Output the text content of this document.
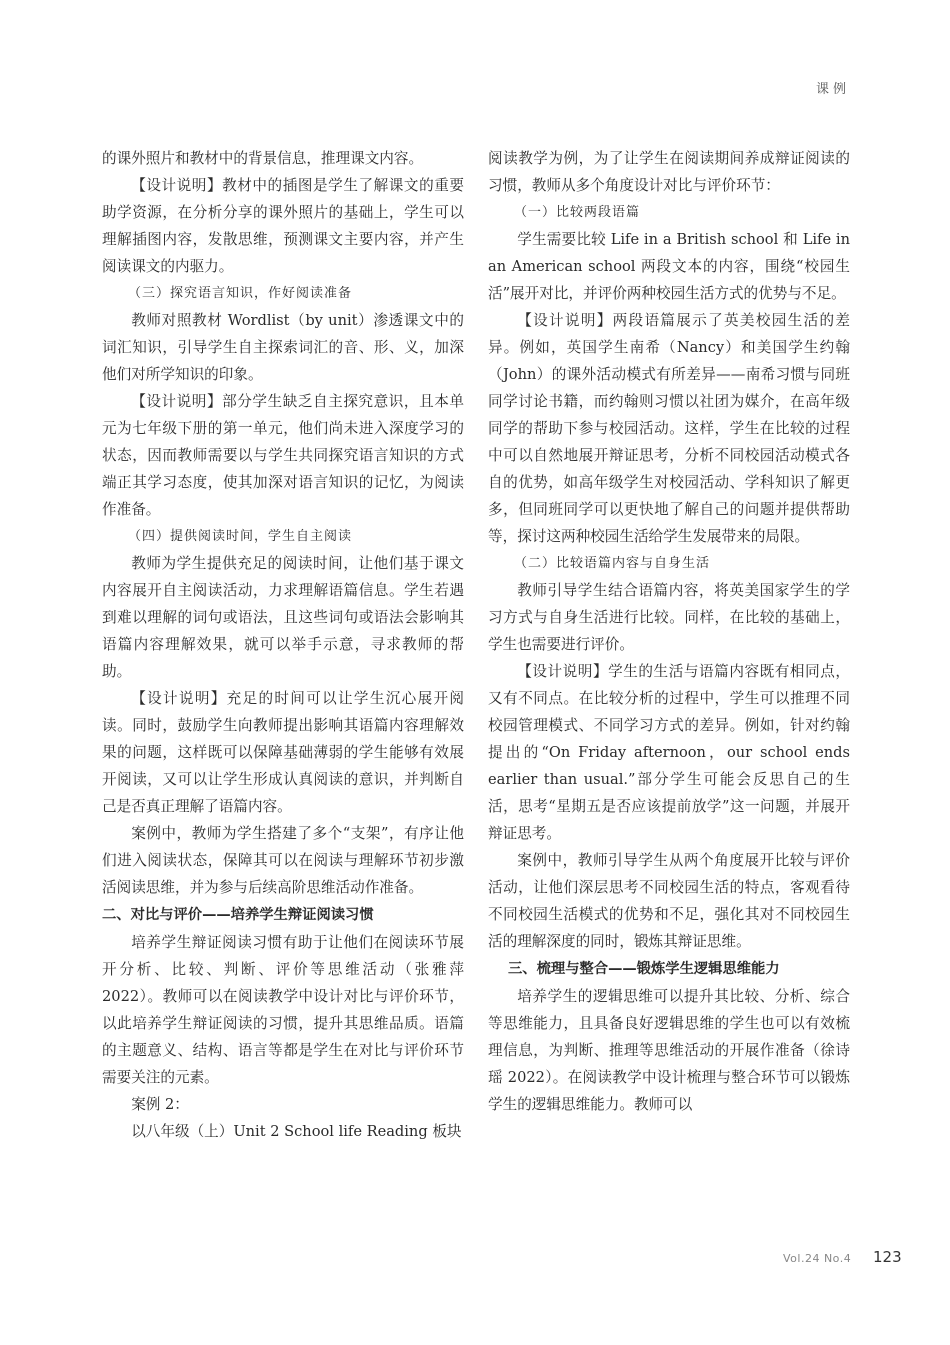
课例

的课外照片和教材中的背景信息，推理课文内容。

【设计说明】教材中的插图是学生了解课文的重要助学资源，在分析分享的课外照片的基础上，学生可以理解插图内容，发散思维，预测课文主要内容，并产生阅读课文的内驱力。

（三）探究语言知识，作好阅读准备

教师对照教材 Wordlist（by unit）渗透课文中的词汇知识，引导学生自主探索词汇的音、形、义，加深他们对所学知识的印象。

【设计说明】部分学生缺乏自主探究意识，且本单元为七年级下册的第一单元，他们尚未进入深度学习的状态，因而教师需要以与学生共同探究语言知识的方式端正其学习态度，使其加深对语言知识的记忆，为阅读作准备。

（四）提供阅读时间，学生自主阅读

教师为学生提供充足的阅读时间，让他们基于课文内容展开自主阅读活动，力求理解语篇信息。学生若遇到难以理解的词句或语法，且这些词句或语法会影响其语篇内容理解效果，就可以举手示意，寻求教师的帮助。

【设计说明】充足的时间可以让学生沉心展开阅读。同时，鼓励学生向教师提出影响其语篇内容理解效果的问题，这样既可以保障基础薄弱的学生能够有效展开阅读，又可以让学生形成认真阅读的意识，并判断自己是否真正理解了语篇内容。

案例中，教师为学生搭建了多个“支架”，有序让他们进入阅读状态，保障其可以在阅读与理解环节初步激活阅读思维，并为参与后续高阶思维活动作准备。

二、对比与评价——培养学生辩证阅读习惯

培养学生辩证阅读习惯有助于让他们在阅读环节展开分析、比较、判断、评价等思维活动（张雅萍 2022）。教师可以在阅读教学中设计对比与评价环节，以此培养学生辩证阅读的习惯，提升其思维品质。语篇的主题意义、结构、语言等都是学生在对比与评价环节需要关注的元素。

案例 2：

以八年级（上）Unit 2 School life Reading 板块

阅读教学为例，为了让学生在阅读期间养成辩证阅读的习惯，教师从多个角度设计对比与评价环节：

（一）比较两段语篇

学生需要比较 Life in a British school 和 Life in an American school 两段文本的内容，围绕“校园生活”展开对比，并评价两种校园生活方式的优势与不足。

【设计说明】两段语篇展示了英美校园生活的差异。例如，英国学生南希（Nancy）和美国学生约翰（John）的课外活动模式有所差异——南希习惯与同班同学讨论书籍，而约翰则习惯以社团为媒介，在高年级同学的帮助下参与校园活动。这样，学生在比较的过程中可以自然地展开辩证思考，分析不同校园活动模式各自的优势，如高年级学生对校园活动、学科知识了解更多，但同班同学可以更快地了解自己的问题并提供帮助等，探讨这两种校园生活给学生发展带来的局限。

（二）比较语篇内容与自身生活

教师引导学生结合语篇内容，将英美国家学生的学习方式与自身生活进行比较。同样，在比较的基础上，学生也需要进行评价。

【设计说明】学生的生活与语篇内容既有相同点，又有不同点。在比较分析的过程中，学生可以推理不同校园管理模式、不同学习方式的差异。例如，针对约翰提出的“On Friday afternoon，our school ends earlier than usual.”部分学生可能会反思自己的生活，思考“星期五是否应该提前放学”这一问题，并展开辩证思考。

案例中，教师引导学生从两个角度展开比较与评价活动，让他们深层思考不同校园生活的特点，客观看待不同校园生活模式的优势和不足，强化其对不同校园生活的理解深度的同时，锻炼其辩证思维。

三、梳理与整合——锻炼学生逻辑思维能力

培养学生的逻辑思维可以提升其比较、分析、综合等思维能力，且具备良好逻辑思维的学生也可以有效梳理信息，为判断、推理等思维活动的开展作准备（徐诗瑶 2022）。在阅读教学中设计梳理与整合环节可以锻炼学生的逻辑思维能力。教师可以

Vol.24 No.4 123
